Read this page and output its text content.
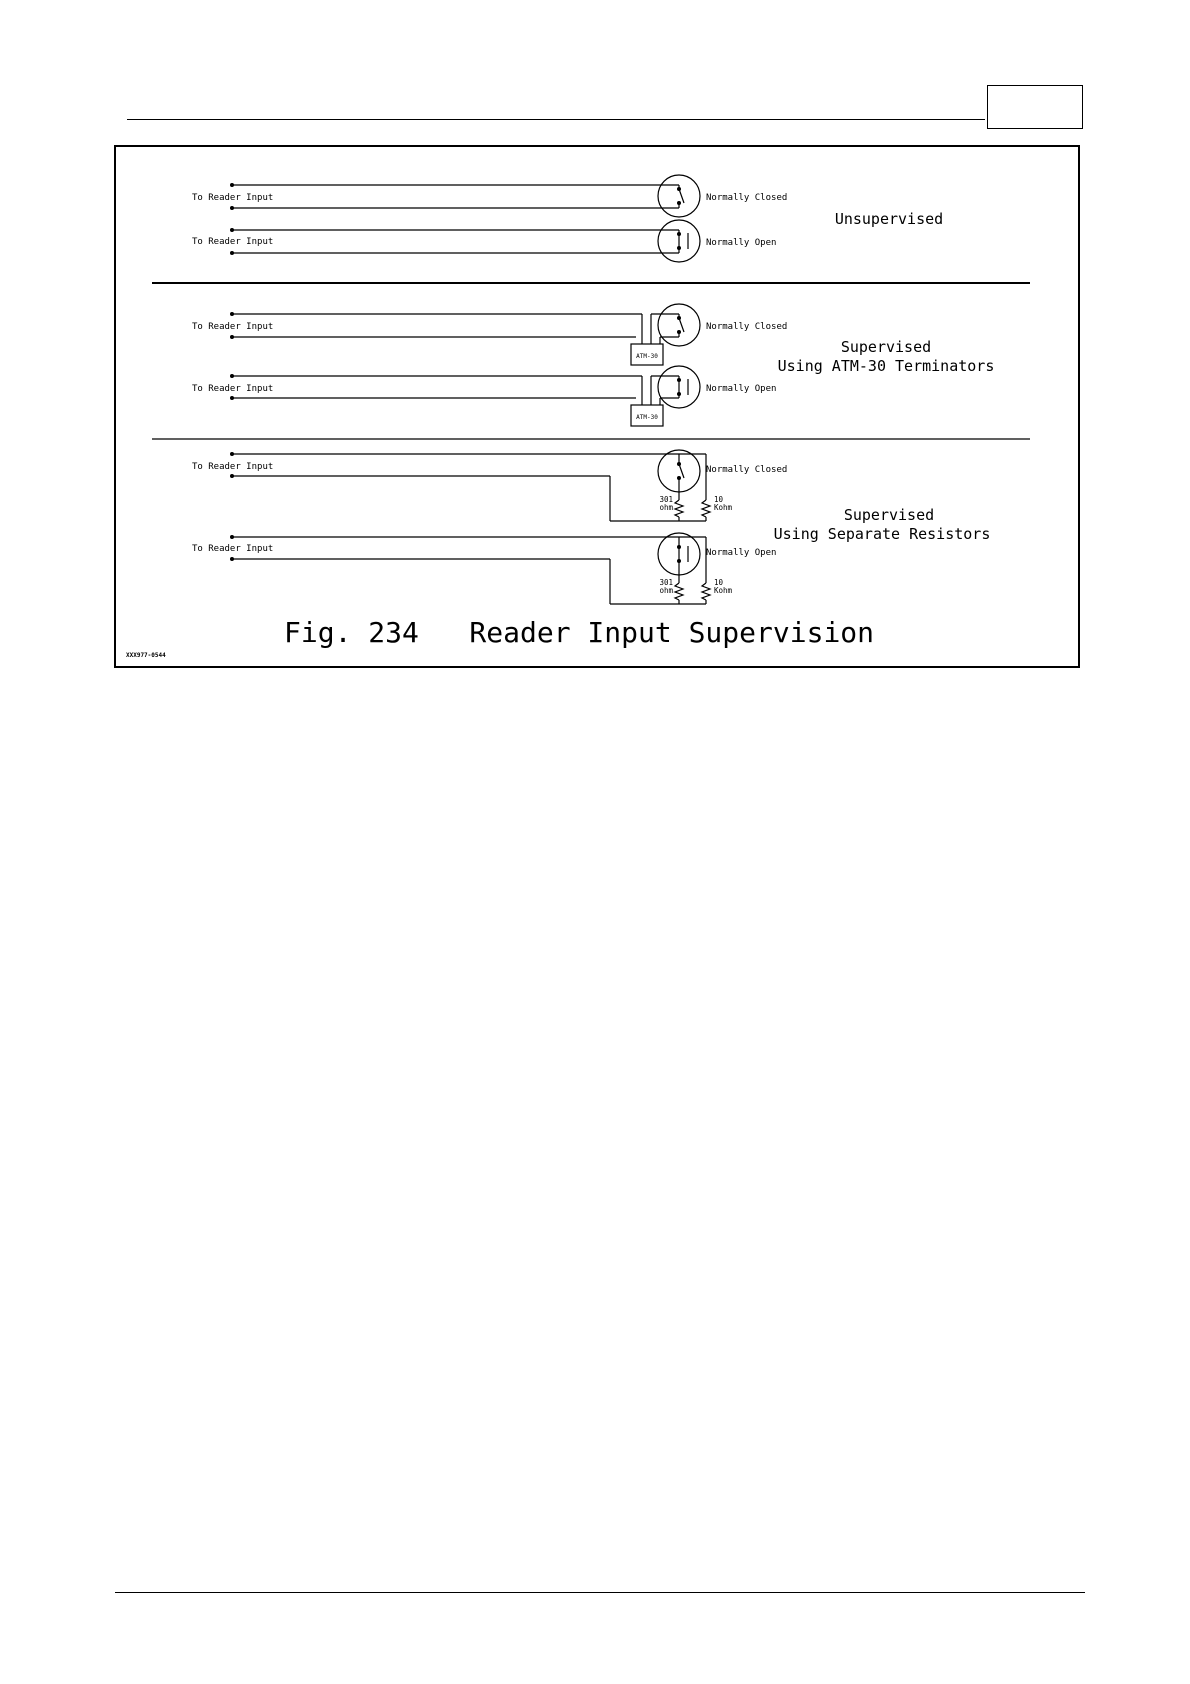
To Reader Input
To Reader Input
To Reader Input
To Reader Input
To Reader Input
To Reader Input
Normally Closed
Normally Open
Normally Closed
Normally Open
Normally Closed
Normally Open
ATM-30
ATM-30
301
ohm
301
ohm
10
Kohm
10
Kohm
Unsupervised
Supervised
Using ATM-30 Terminators
Supervised
Using Separate Resistors
Fig. 234   Reader Input Supervision
XXX977-0544
